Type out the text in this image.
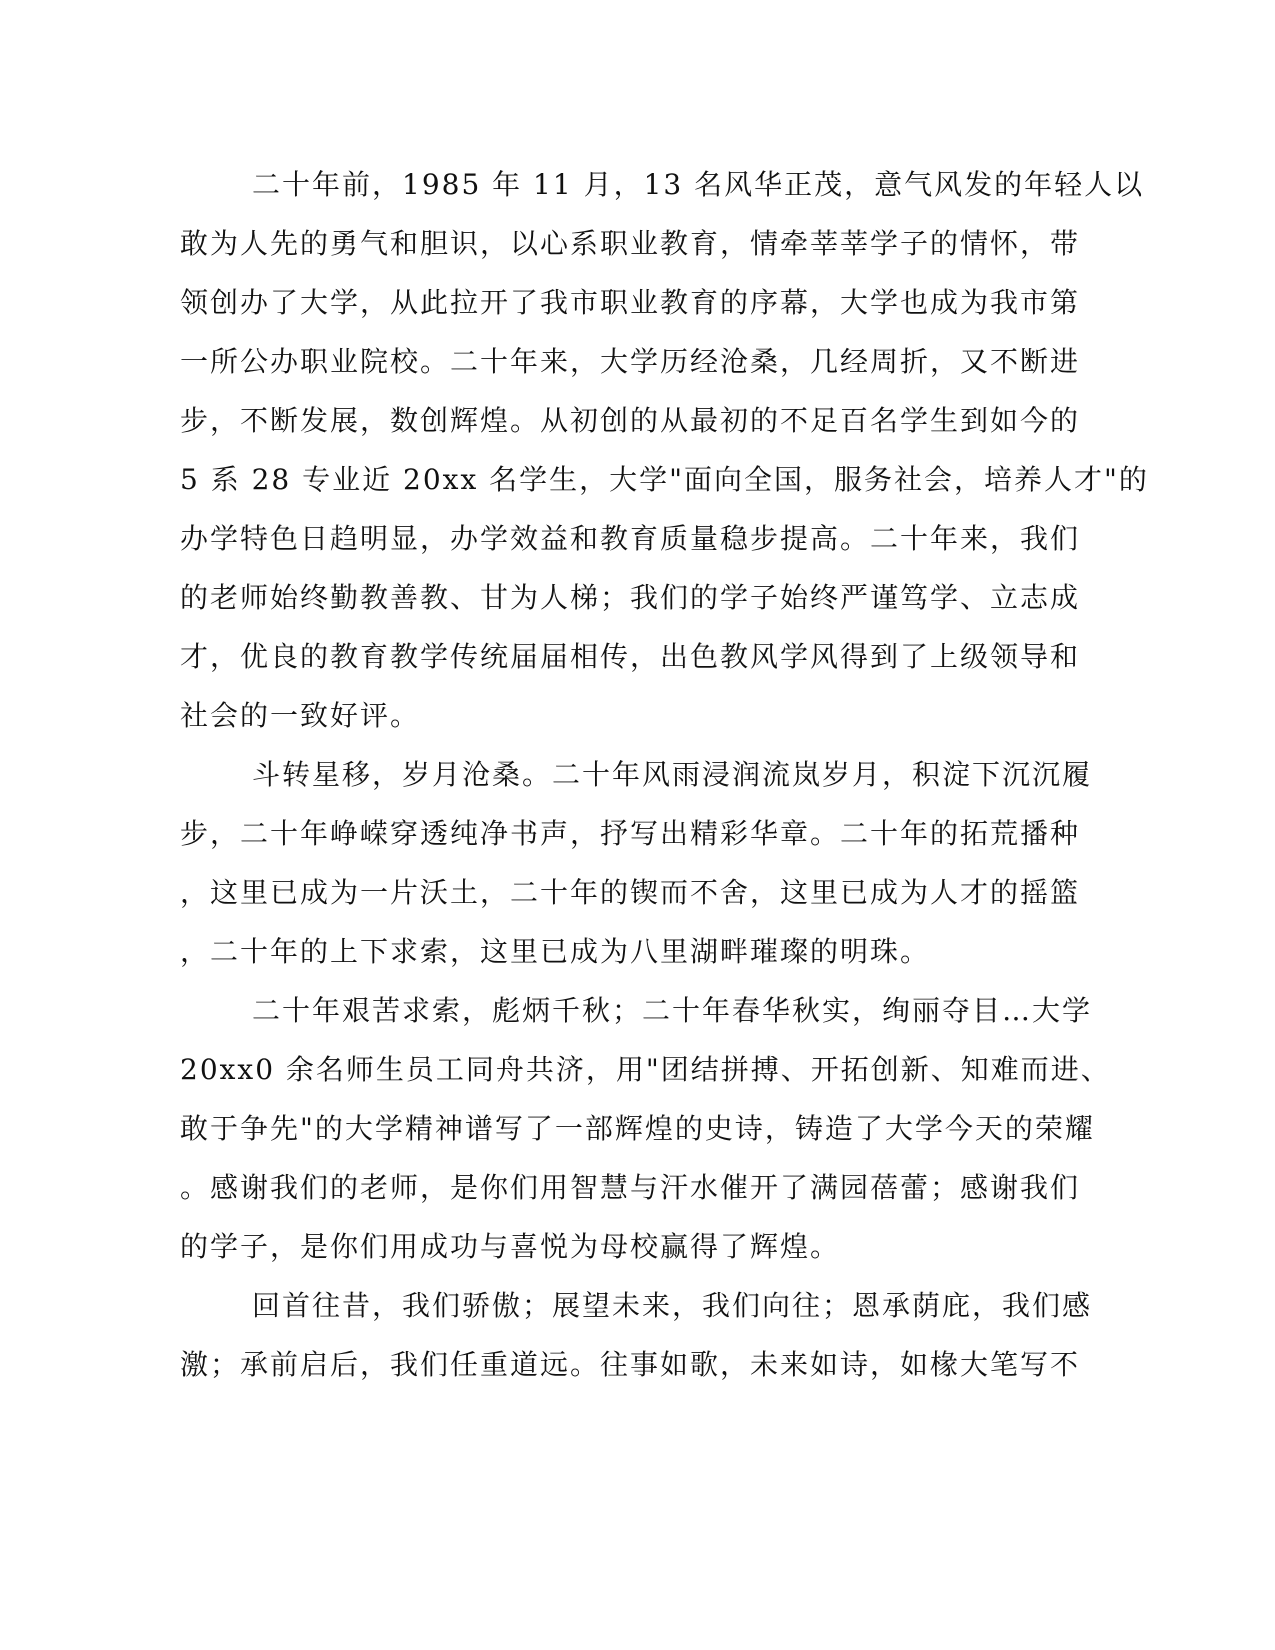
二十年前，1985 年 11 月，13 名风华正茂，意气风发的年轻人以
敢为人先的勇气和胆识，以心系职业教育，情牵莘莘学子的情怀，带
领创办了大学，从此拉开了我市职业教育的序幕，大学也成为我市第
一所公办职业院校。二十年来，大学历经沧桑，几经周折，又不断进
步，不断发展，数创辉煌。从初创的从最初的不足百名学生到如今的
5 系 28 专业近 20xx 名学生，大学"面向全国，服务社会，培养人才"的
办学特色日趋明显，办学效益和教育质量稳步提高。二十年来，我们
的老师始终勤教善教、甘为人梯；我们的学子始终严谨笃学、立志成
才，优良的教育教学传统届届相传，出色教风学风得到了上级领导和
社会的一致好评。
斗转星移，岁月沧桑。二十年风雨浸润流岚岁月，积淀下沉沉履
步，二十年峥嵘穿透纯净书声，抒写出精彩华章。二十年的拓荒播种
，这里已成为一片沃土，二十年的锲而不舍，这里已成为人才的摇篮
，二十年的上下求索，这里已成为八里湖畔璀璨的明珠。
二十年艰苦求索，彪炳千秋；二十年春华秋实，绚丽夺目…大学
20xx0 余名师生员工同舟共济，用"团结拼搏、开拓创新、知难而进、
敢于争先"的大学精神谱写了一部辉煌的史诗，铸造了大学今天的荣耀
。感谢我们的老师，是你们用智慧与汗水催开了满园蓓蕾；感谢我们
的学子，是你们用成功与喜悦为母校赢得了辉煌。
回首往昔，我们骄傲；展望未来，我们向往；恩承荫庇，我们感
激；承前启后，我们任重道远。往事如歌，未来如诗，如椽大笔写不
